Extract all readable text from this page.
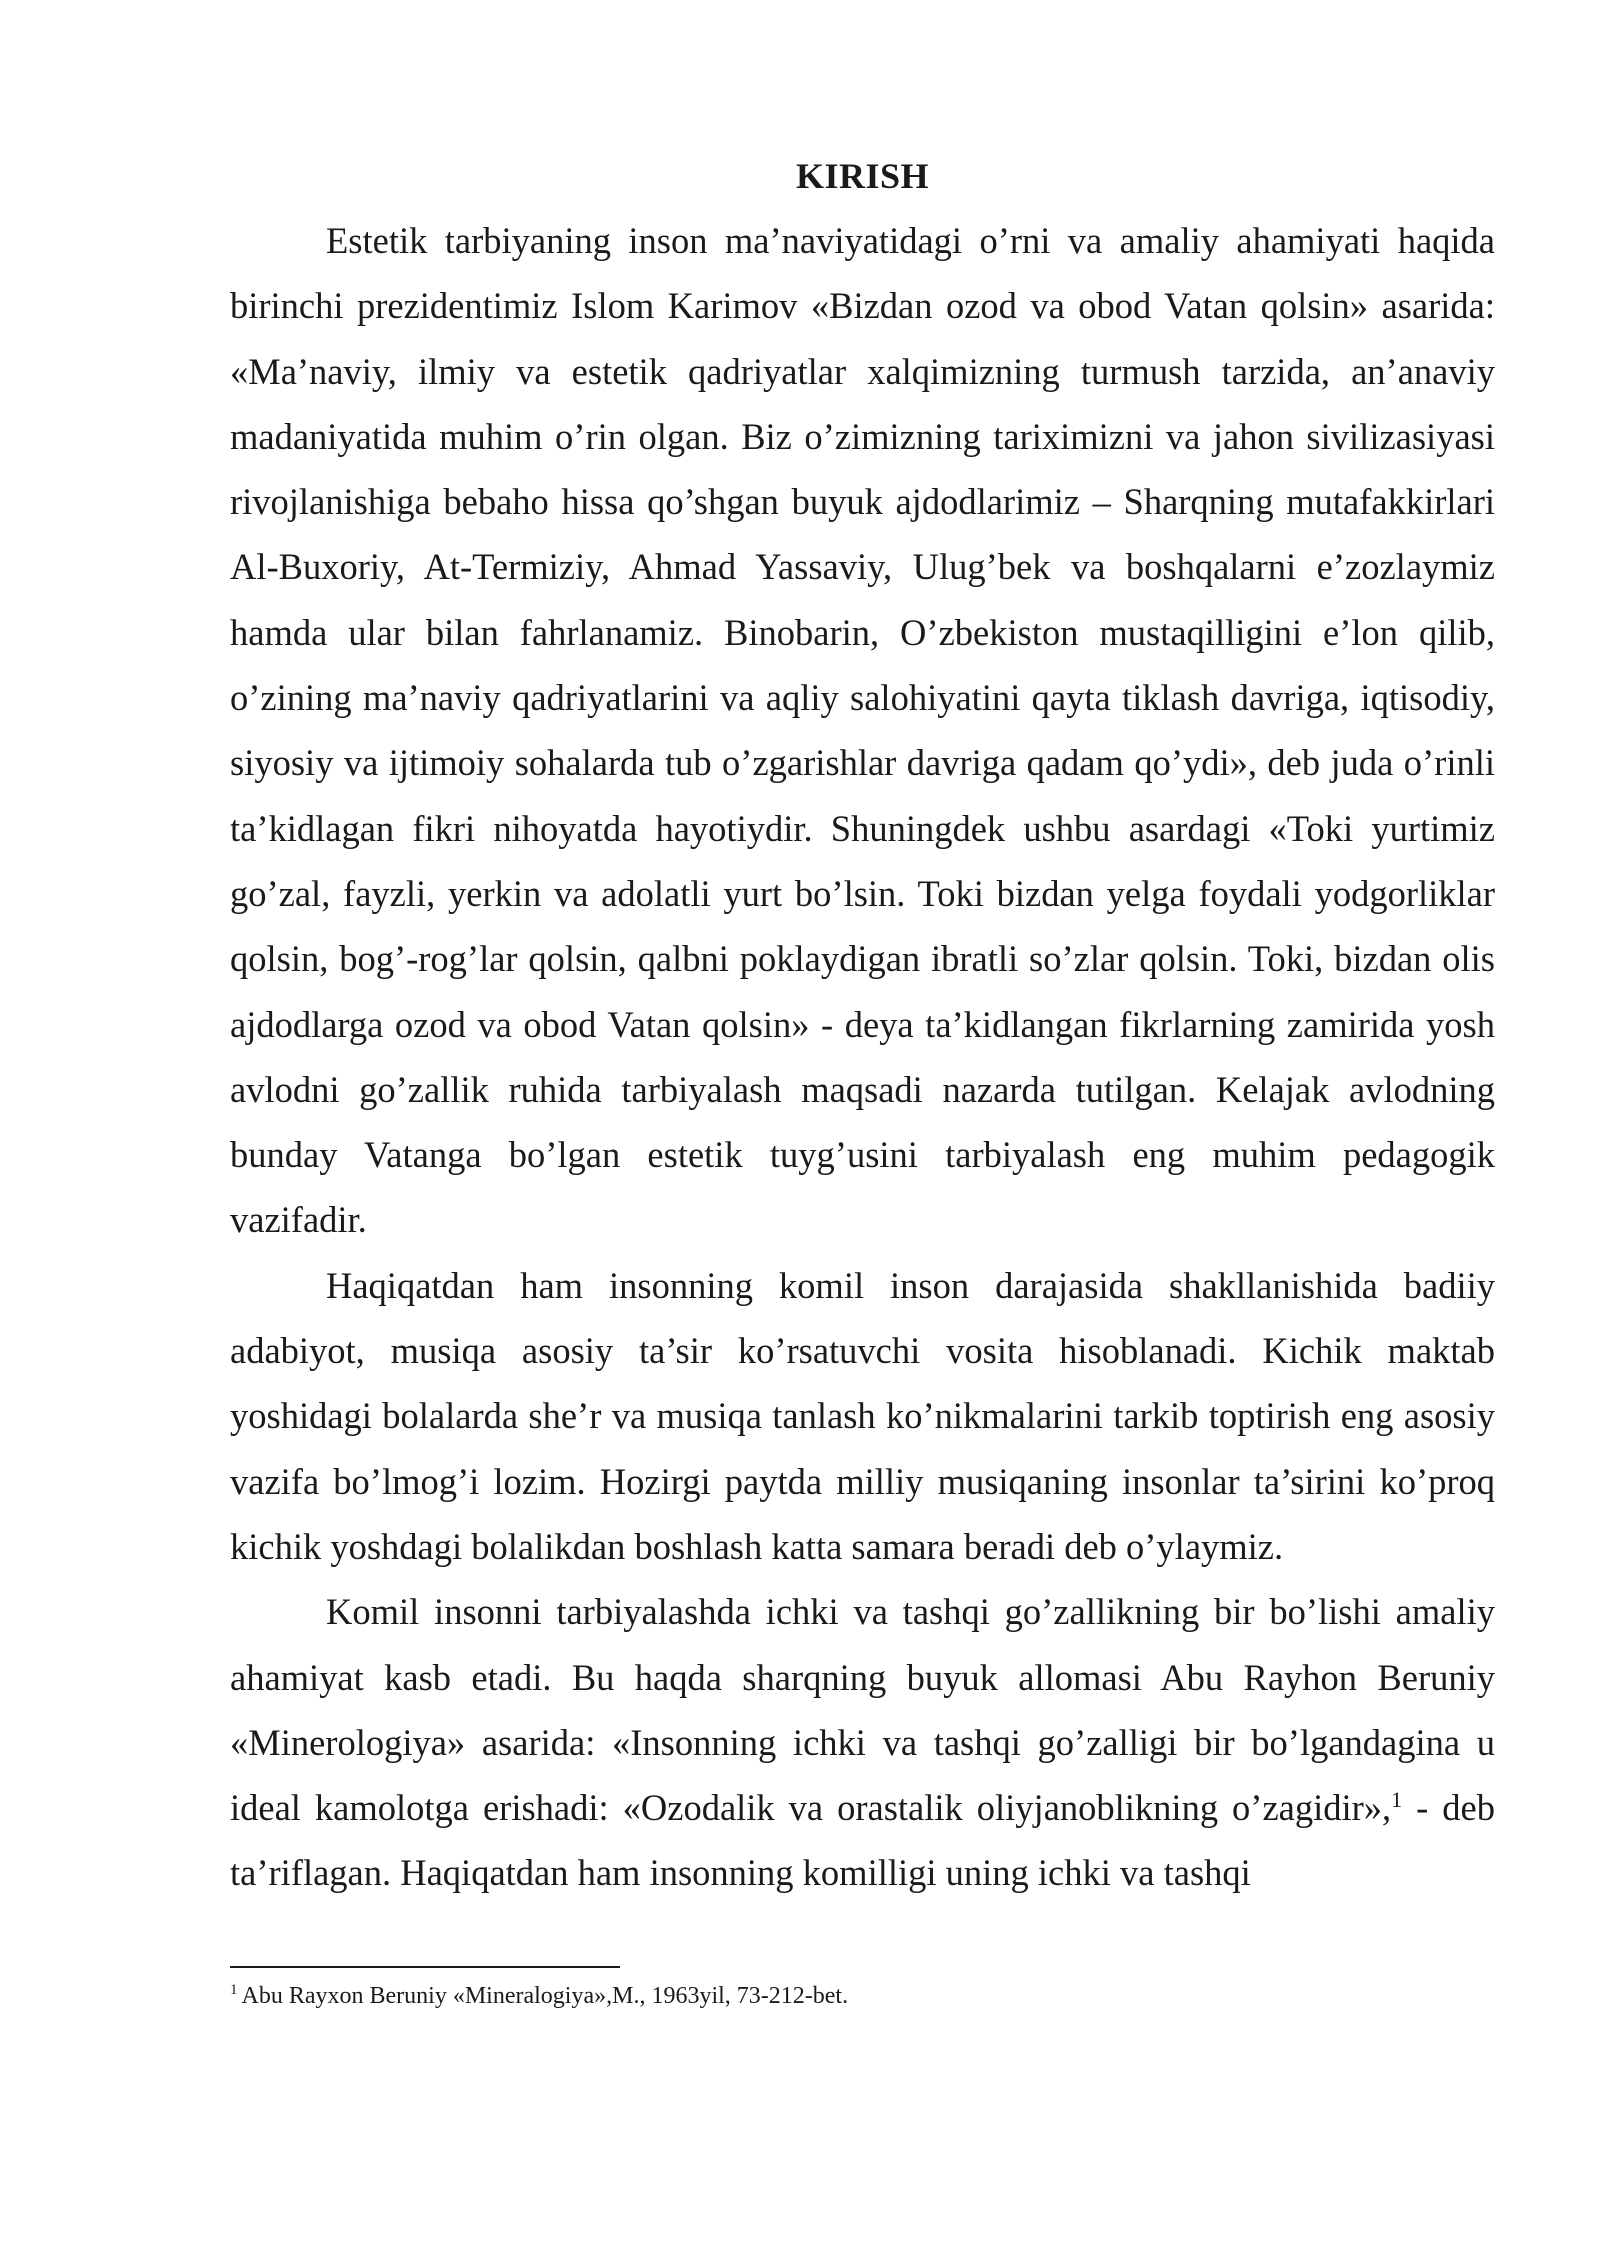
KIRISH

Estetik tarbiyaning inson ma’naviyatidagi o’rni va amaliy ahamiyati haqida birinchi prezidentimiz Islom Karimov «Bizdan ozod va obod Vatan qolsin» asarida: «Ma’naviy, ilmiy va estetik qadriyatlar xalqimizning turmush tarzida, an’anaviy madaniyatida muhim o’rin olgan. Biz o’zimizning tariximizni va jahon sivilizasiyasi rivojlanishiga bebaho hissa qo’shgan buyuk ajdodlarimiz – Sharqning mutafakkirlari Al-Buxoriy, At-Termiziy, Ahmad Yassaviy, Ulug’bek va boshqalarni e’zozlaymiz hamda ular bilan fahrlanamiz. Binobarin, O’zbekiston mustaqilligini e’lon qilib, o’zining ma’naviy qadriyatlarini va aqliy salohiyatini qayta tiklash davriga, iqtisodiy, siyosiy va ijtimoiy sohalarda tub o’zgarishlar davriga qadam qo’ydi», deb juda o’rinli ta’kidlagan fikri nihoyatda hayotiydir. Shuningdek ushbu asardagi «Toki yurtimiz go’zal, fayzli, yerkin va adolatli yurt bo’lsin. Toki bizdan yelga foydali yodgorliklar qolsin, bog’-rog’lar qolsin, qalbni poklaydigan ibratli so’zlar qolsin. Toki, bizdan olis ajdodlarga ozod va obod Vatan qolsin» - deya ta’kidlangan fikrlarning zamirida yosh avlodni go’zallik ruhida tarbiyalash maqsadi nazarda tutilgan. Kelajak avlodning bunday Vatanga bo’lgan estetik tuyg’usini tarbiyalash eng muhim pedagogik vazifadir.

Haqiqatdan ham insonning komil inson darajasida shakllanishida badiiy adabiyot, musiqa asosiy ta’sir ko’rsatuvchi vosita hisoblanadi. Kichik maktab yoshidagi bolalarda she’r va musiqa tanlash ko’nikmalarini tarkib toptirish eng asosiy vazifa bo’lmog’i lozim. Hozirgi paytda milliy musiqaning insonlar ta’sirini ko’proq kichik yoshdagi bolalikdan boshlash katta samara beradi deb o’ylaymiz.

Komil insonni tarbiyalashda ichki va tashqi go’zallikning bir bo’lishi amaliy ahamiyat kasb etadi. Bu haqda sharqning buyuk allomasi Abu Rayhon Beruniy «Minerologiya» asarida: «Insonning ichki va tashqi go’zalligi bir bo’lgandagina u ideal kamolotga erishadi: «Ozodalik va orastalik oliyjanoblikning o’zagidir»,$^1$ - deb ta’riflagan. Haqiqatdan ham insonning komilligi uning ichki va tashqi

$^1$ Abu Rayxon Beruniy «Mineralogiya»,M., 1963yil, 73-212-bet.
